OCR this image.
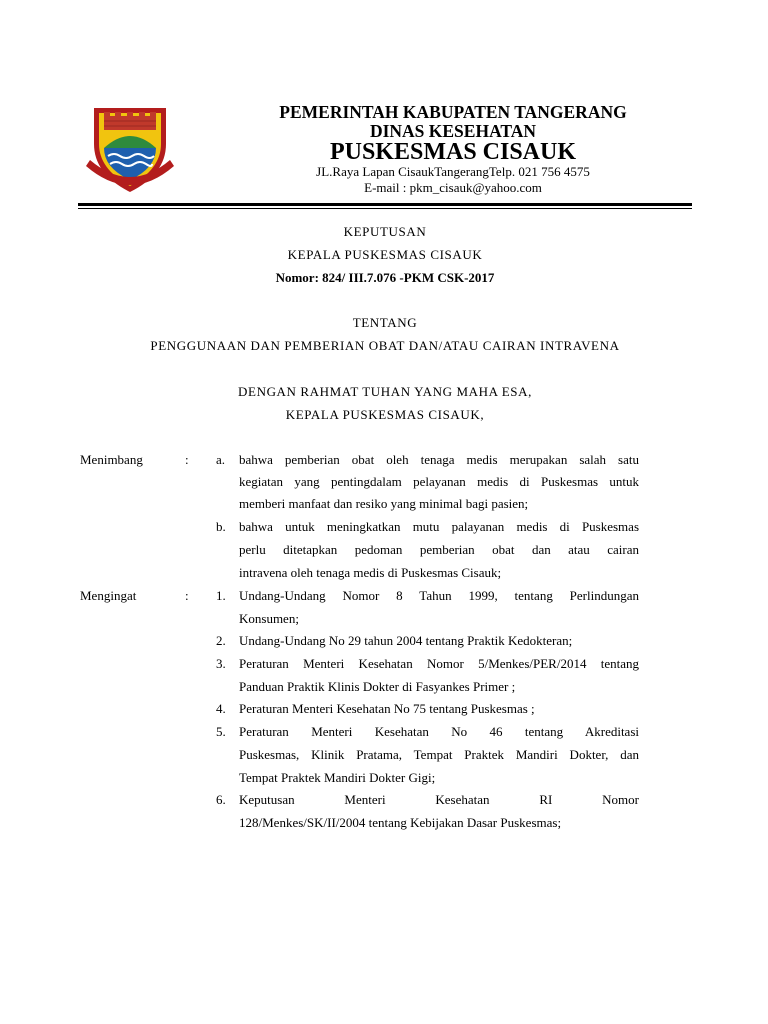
PEMERINTAH KABUPATEN TANGERANG
DINAS KESEHATAN
PUSKESMAS CISAUK
JL.Raya Lapan CisaukTangerangTelp. 021 756 4575
E-mail : pkm_cisauk@yahoo.com
KEPUTUSAN
KEPALA PUSKESMAS CISAUK
Nomor: 824/ III.7.076 -PKM CSK-2017
TENTANG
PENGGUNAAN DAN PEMBERIAN OBAT DAN/ATAU CAIRAN INTRAVENA
DENGAN RAHMAT TUHAN YANG MAHA ESA,
KEPALA PUSKESMAS CISAUK,
Menimbang	: a. bahwa pemberian obat oleh tenaga medis merupakan salah satu
kegiatan yang pentingdalam pelayanan medis di Puskesmas untuk
memberi manfaat dan resiko yang minimal bagi pasien;
b. bahwa untuk meningkatkan mutu palayanan medis di Puskesmas
perlu ditetapkan pedoman pemberian obat dan atau cairan
intravena oleh tenaga medis di Puskesmas Cisauk;
Mengingat	: 1. Undang-Undang Nomor 8 Tahun 1999, tentang Perlindungan
Konsumen;
2. Undang-Undang No 29 tahun 2004 tentang Praktik Kedokteran;
3. Peraturan Menteri Kesehatan Nomor 5/Menkes/PER/2014 tentang
Panduan Praktik Klinis Dokter di Fasyankes Primer ;
4. Peraturan Menteri Kesehatan No 75 tentang Puskesmas ;
5. Peraturan Menteri Kesehatan No 46 tentang Akreditasi
Puskesmas, Klinik Pratama, Tempat Praktek Mandiri Dokter, dan
Tempat Praktek Mandiri Dokter Gigi;
6. Keputusan Menteri Kesehatan RI Nomor
128/Menkes/SK/II/2004 tentang Kebijakan Dasar Puskesmas;
